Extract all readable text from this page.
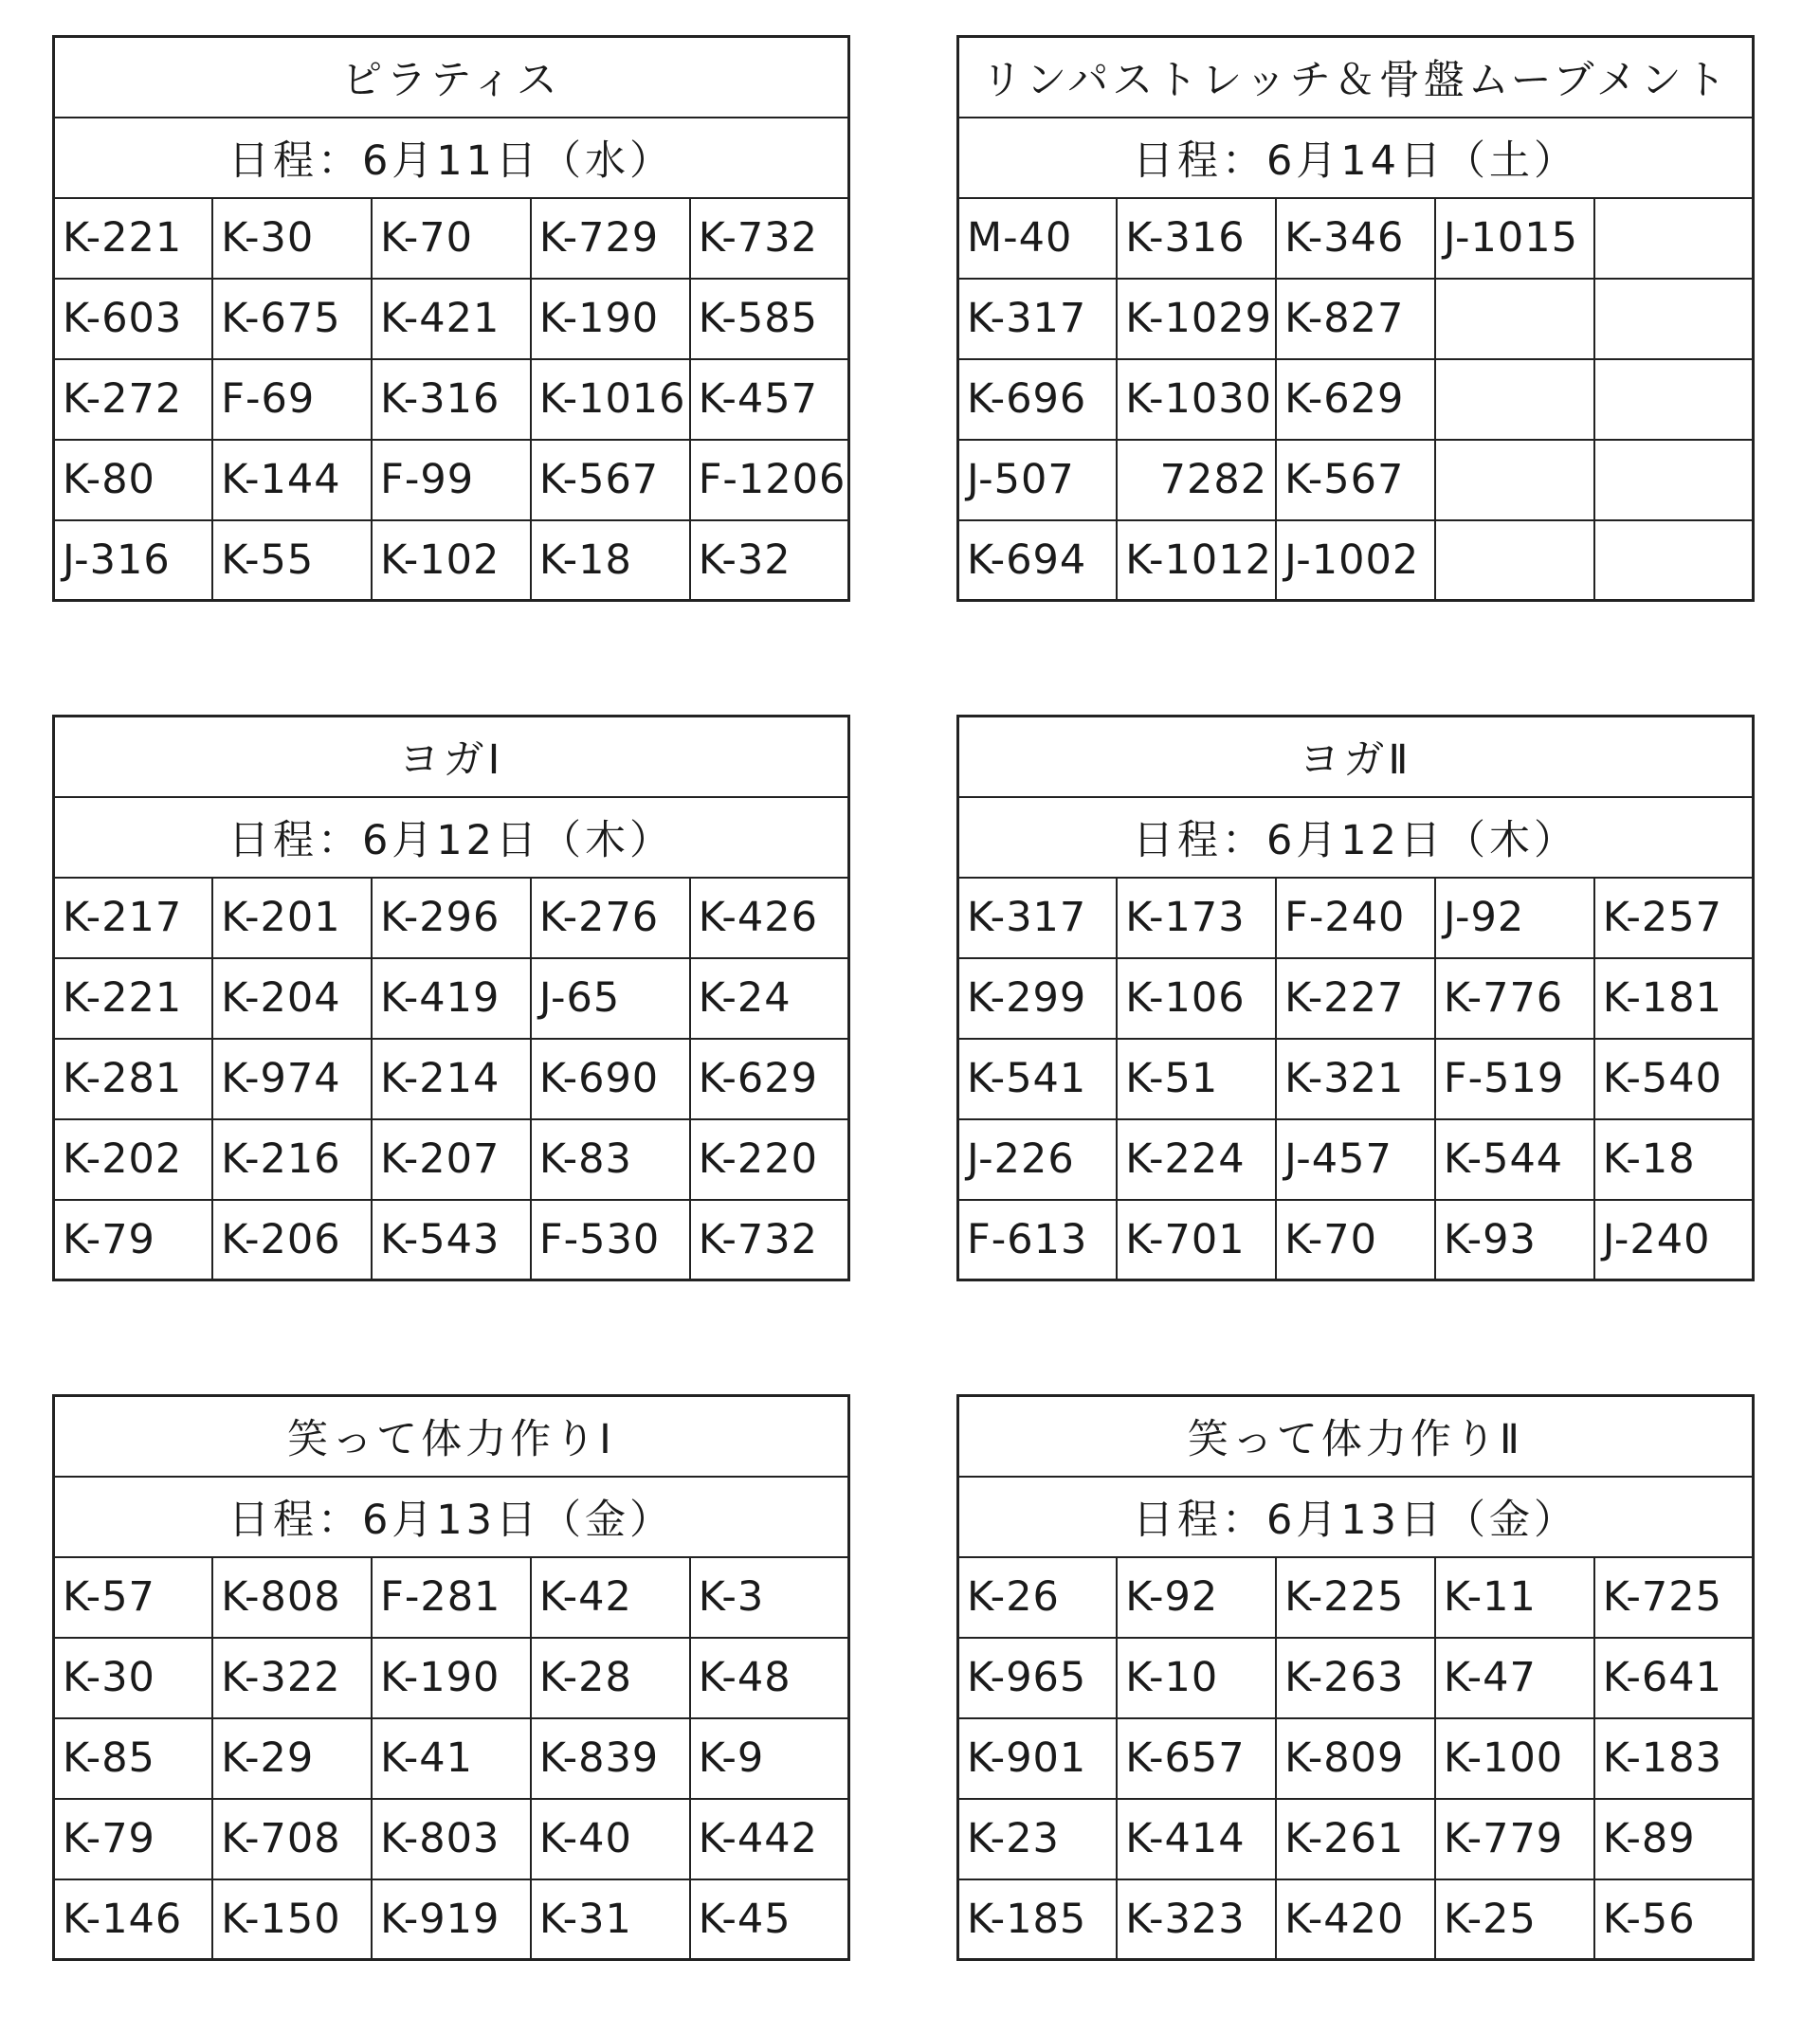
ピラティス				
日程：6月11日（水）				
K-221	K-30	K-70	K-729	K-732
K-603	K-675	K-421	K-190	K-585
K-272	F-69	K-316	K-1016	K-457
K-80	K-144	F-99	K-567	F-1206
J-316	K-55	K-102	K-18	K-32
リンパストレッチ＆骨盤ムーブメント				
日程：6月14日（土）				
M-40	K-316	K-346	J-1015	
K-317	K-1029	K-827		
K-696	K-1030	K-629		
J-507	7282	K-567		
K-694	K-1012	J-1002		
ヨガⅠ				
日程：6月12日（木）				
K-217	K-201	K-296	K-276	K-426
K-221	K-204	K-419	J-65	K-24
K-281	K-974	K-214	K-690	K-629
K-202	K-216	K-207	K-83	K-220
K-79	K-206	K-543	F-530	K-732
ヨガⅡ				
日程：6月12日（木）				
K-317	K-173	F-240	J-92	K-257
K-299	K-106	K-227	K-776	K-181
K-541	K-51	K-321	F-519	K-540
J-226	K-224	J-457	K-544	K-18
F-613	K-701	K-70	K-93	J-240
笑って体力作りⅠ				
日程：6月13日（金）				
K-57	K-808	F-281	K-42	K-3
K-30	K-322	K-190	K-28	K-48
K-85	K-29	K-41	K-839	K-9
K-79	K-708	K-803	K-40	K-442
K-146	K-150	K-919	K-31	K-45
笑って体力作りⅡ				
日程：6月13日（金）				
K-26	K-92	K-225	K-11	K-725
K-965	K-10	K-263	K-47	K-641
K-901	K-657	K-809	K-100	K-183
K-23	K-414	K-261	K-779	K-89
K-185	K-323	K-420	K-25	K-56
